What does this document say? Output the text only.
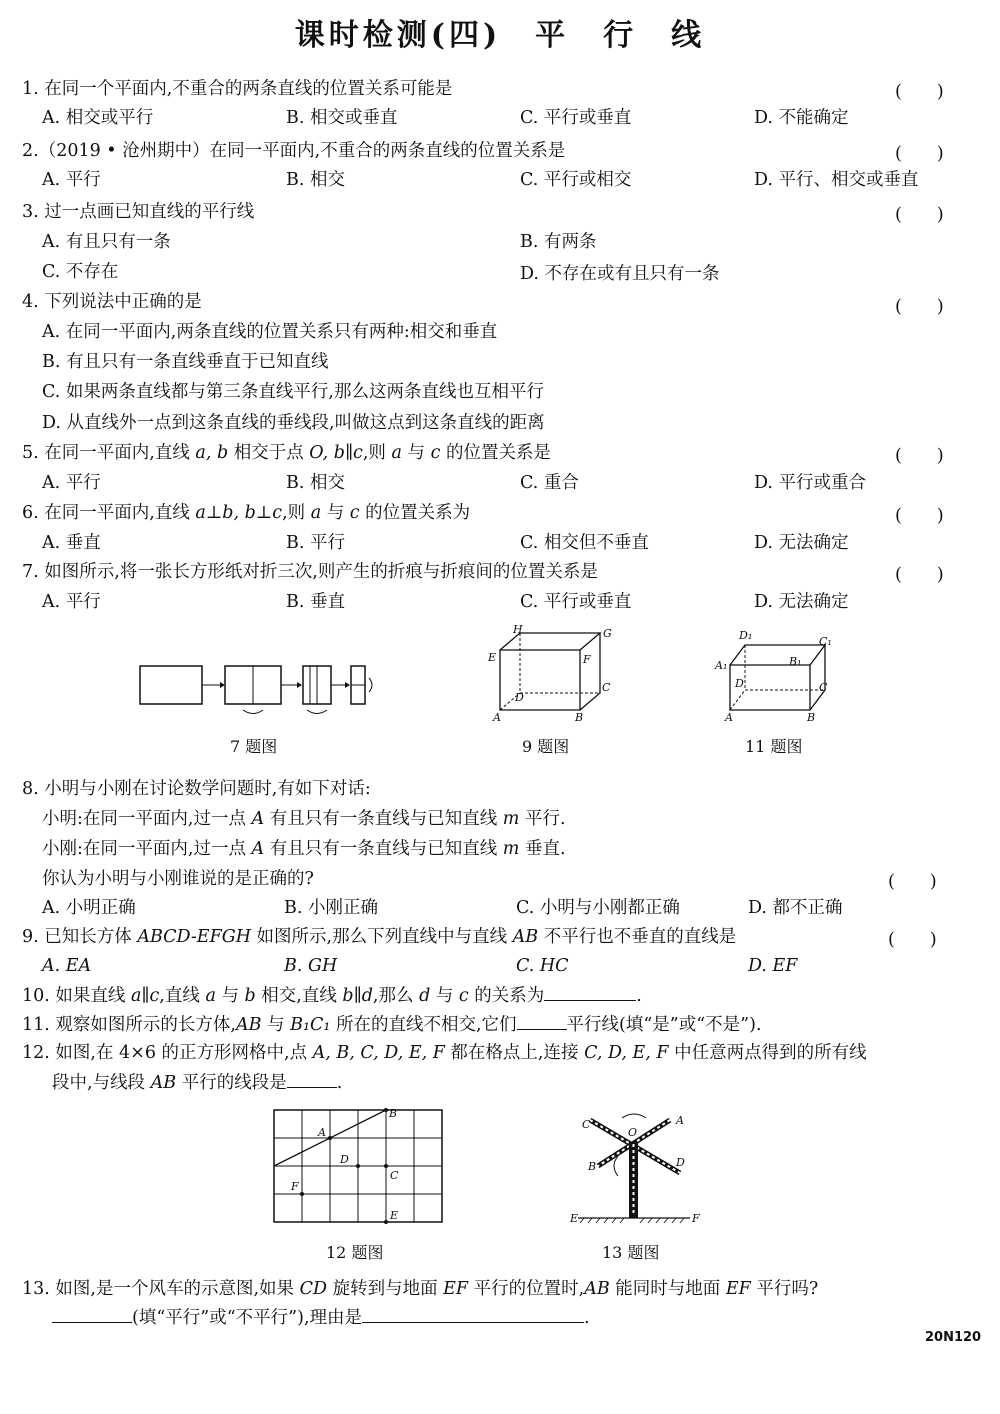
课时检测(四)　平　行　线
1. 在同一个平面内,不重合的两条直线的位置关系可能是	(　　)
A. 相交或平行	B. 相交或垂直	C. 平行或垂直	D. 不能确定
2.（2019 • 沧州期中）在同一平面内,不重合的两条直线的位置关系是	(　　)
A. 平行	B. 相交	C. 平行或相交	D. 平行、相交或垂直
3. 过一点画已知直线的平行线	(　　)
A. 有且只有一条	B. 有两条
C. 不存在	D. 不存在或有且只有一条
4. 下列说法中正确的是	(　　)
A. 在同一平面内,两条直线的位置关系只有两种:相交和垂直
B. 有且只有一条直线垂直于已知直线
C. 如果两条直线都与第三条直线平行,那么这两条直线也互相平行
D. 从直线外一点到这条直线的垂线段,叫做这点到这条直线的距离
5. 在同一平面内,直线 a, b 相交于点 O, b∥c,则 a 与 c 的位置关系是	(　　)
A. 平行	B. 相交	C. 重合	D. 平行或重合
6. 在同一平面内,直线 a⊥b, b⊥c,则 a 与 c 的位置关系为	(　　)
A. 垂直	B. 平行	C. 相交但不垂直	D. 无法确定
7. 如图所示,将一张长方形纸对折三次,则产生的折痕与折痕间的位置关系是	(　　)
A. 平行	B. 垂直	C. 平行或垂直	D. 无法确定
7 题图
H	G
E	F
D
C
A	B
9 题图
D₁	C₁
A₁	B₁
D	C
A	B
11 题图
8. 小明与小刚在讨论数学问题时,有如下对话:
小明:在同一平面内,过一点 A 有且只有一条直线与已知直线 m 平行.
小刚:在同一平面内,过一点 A 有且只有一条直线与已知直线 m 垂直.
你认为小明与小刚谁说的是正确的?	(　　)
A. 小明正确	B. 小刚正确	C. 小明与小刚都正确	D. 都不正确
9. 已知长方体 ABCD-EFGH 如图所示,那么下列直线中与直线 AB 不平行也不垂直的直线是	(　　)
A. EA	B. GH	C. HC	D. EF
10. 如果直线 a∥c,直线 a 与 b 相交,直线 b∥d,那么 d 与 c 的关系为	.
11. 观察如图所示的长方体,AB 与 B₁C₁ 所在的直线不相交,它们	平行线(填“是”或“不是”).
12. 如图,在 4×6 的正方形网格中,点 A, B, C, D, E, F 都在格点上,连接 C, D, E, F 中任意两点得到的所有线
段中,与线段 AB 平行的线段是	.
B
A
D
C
F
E
12 题图
C	A
O
B	D
E	F
13 题图
13. 如图,是一个风车的示意图,如果 CD 旋转到与地面 EF 平行的位置时,AB 能同时与地面 EF 平行吗?
(填“平行”或“不平行”),理由是	.
20N120
